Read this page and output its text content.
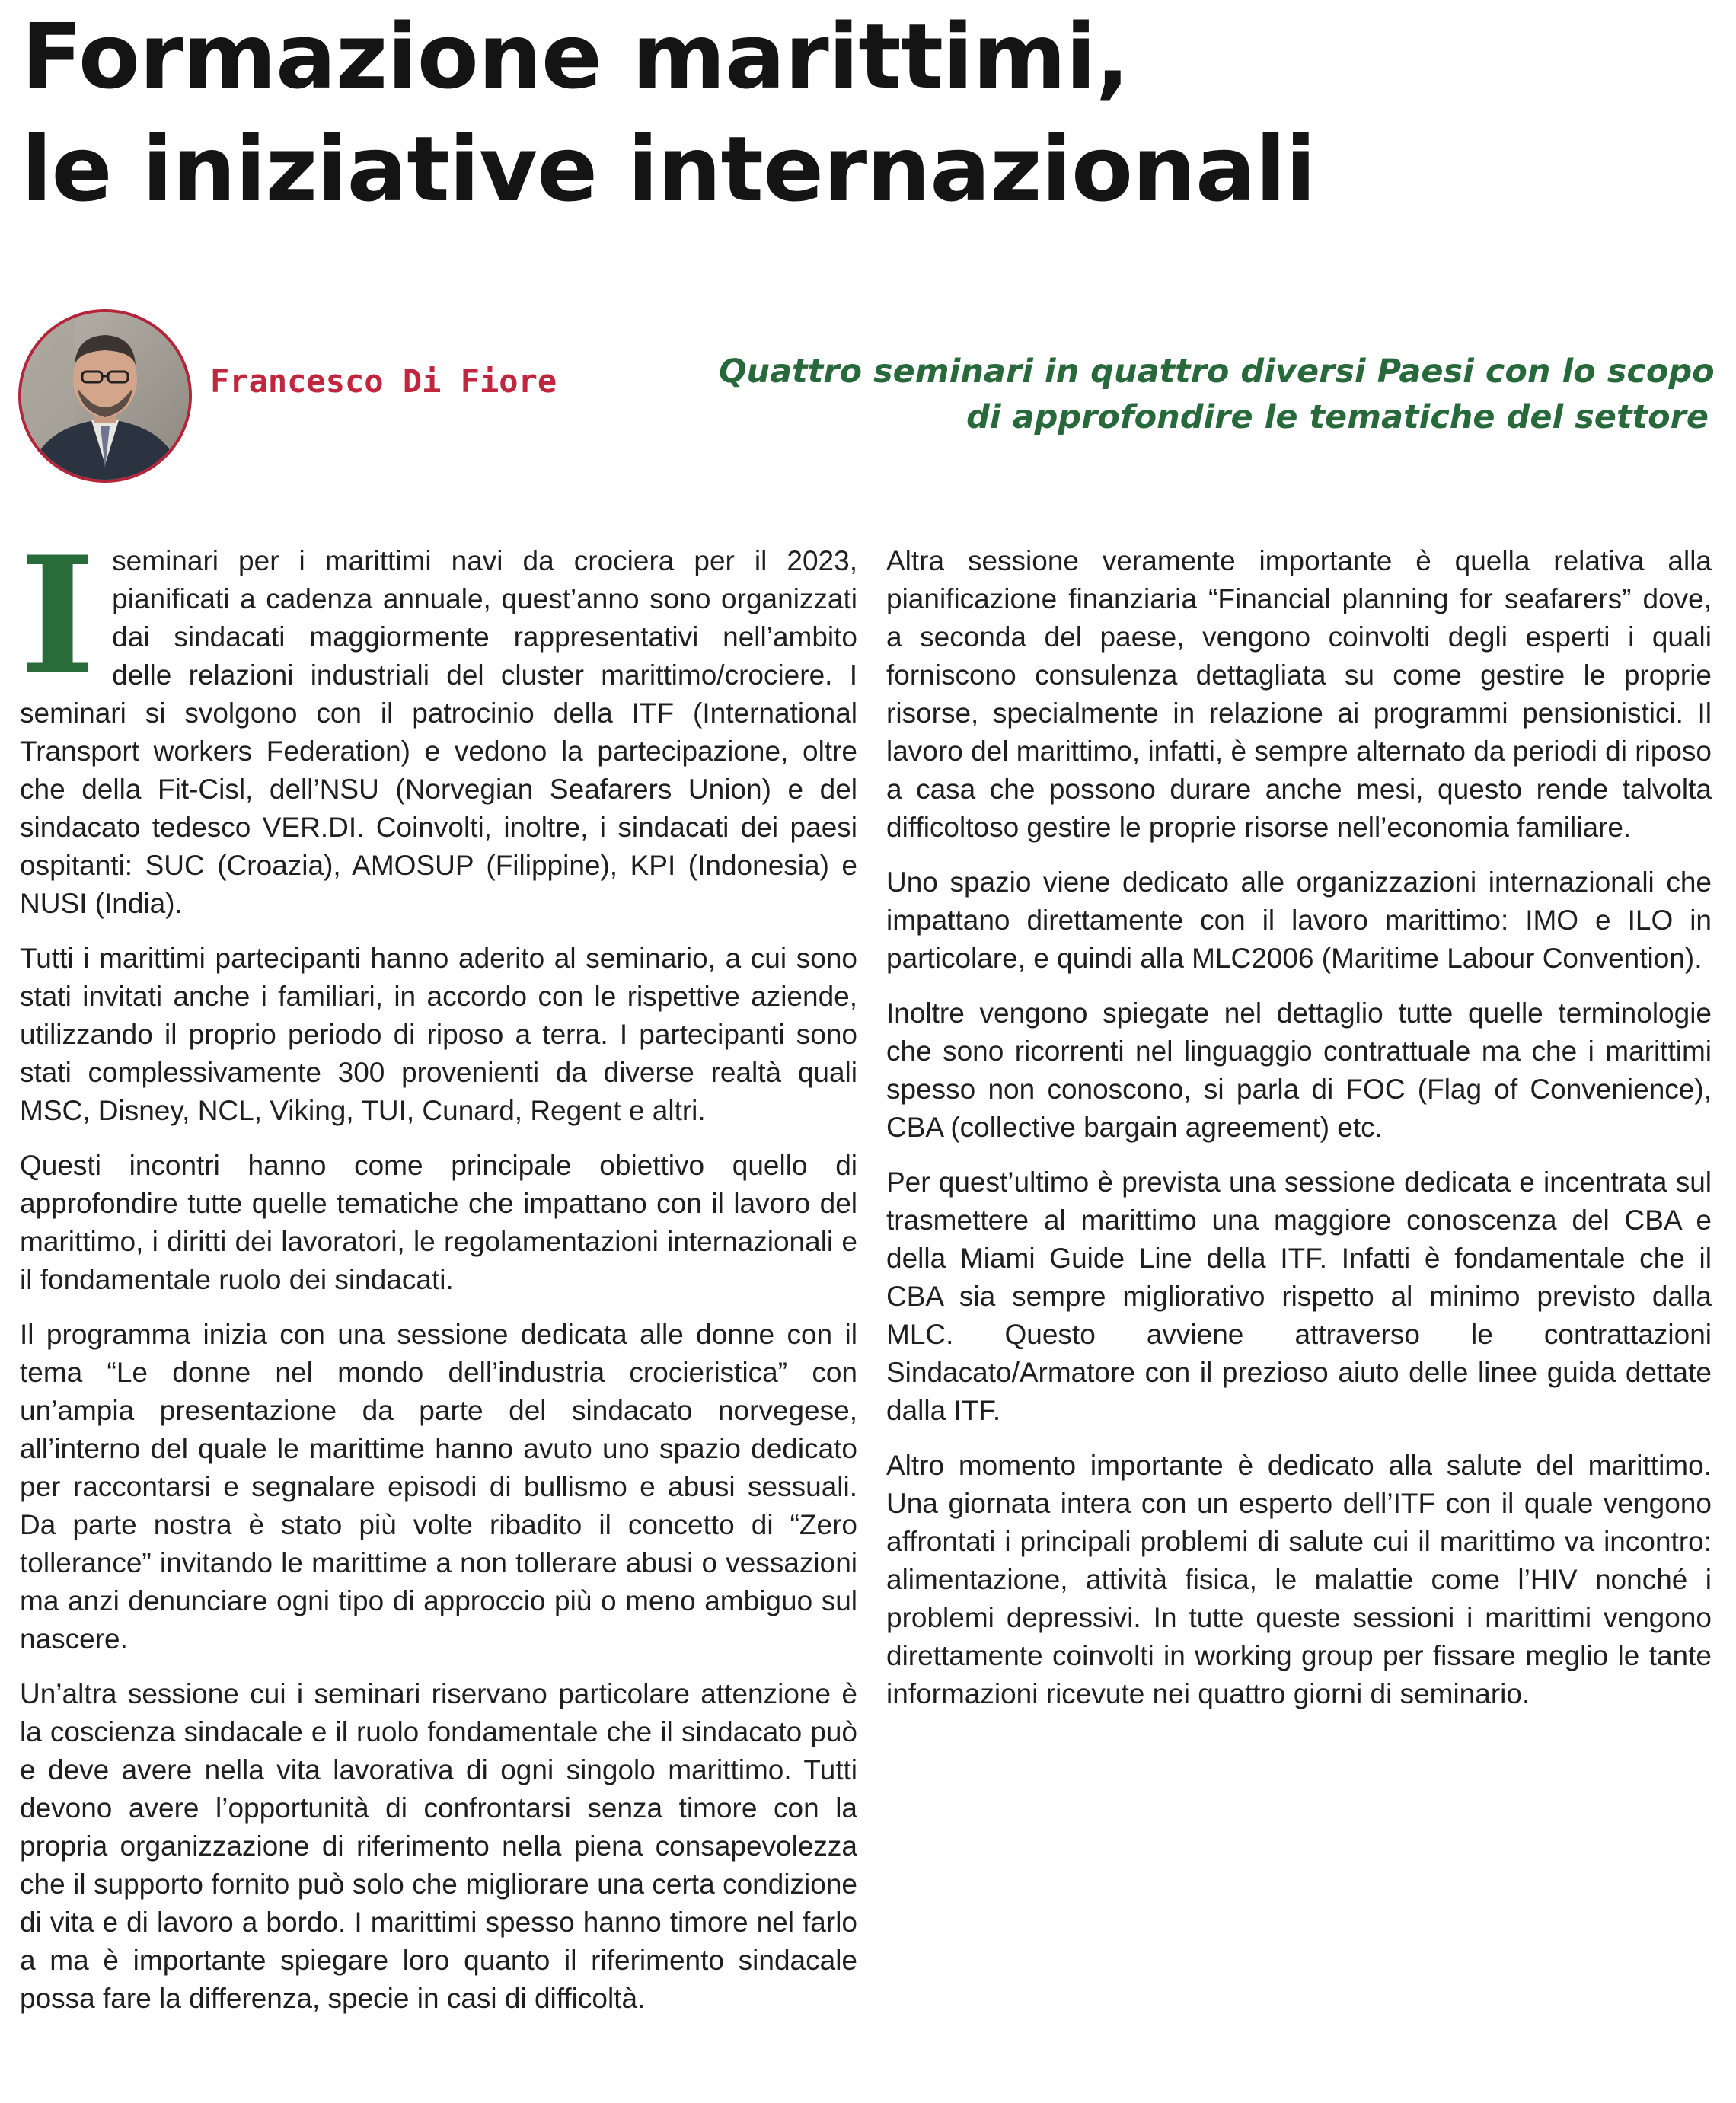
Formazione marittimi,
le iniziative internazionali
Francesco Di Fiore	Quattro seminari in quattro diversi Paesi con lo scopo
di approfondire le tematiche del settore

Iseminari per i marittimi navi da crociera per il 2023, pianificati a cadenza annuale, quest’anno sono organizzati dai sindacati maggiormente rappresentativi nell’ambito delle relazioni industriali del cluster marittimo/crociere. I seminari si svolgono con il patrocinio della ITF (International Transport workers Federation) e vedono la partecipazione, oltre che della Fit-Cisl, dell’NSU (Norvegian Seafarers Union) e del sindacato tedesco VER.DI. Coinvolti, inoltre, i sindacati dei paesi ospitanti: SUC (Croazia), AMOSUP (Filippine), KPI (Indonesia) e NUSI (India).

Tutti i marittimi partecipanti hanno aderito al seminario, a cui sono stati invitati anche i familiari, in accordo con le rispettive aziende, utilizzando il proprio periodo di riposo a terra. I partecipanti sono stati complessivamente 300 provenienti da diverse realtà quali MSC, Disney, NCL, Viking, TUI, Cunard, Regent e altri.

Questi incontri hanno come principale obiettivo quello di approfondire tutte quelle tematiche che impattano con il lavoro del marittimo, i diritti dei lavoratori, le regolamentazioni internazionali e il fondamentale ruolo dei sindacati.

Il programma inizia con una sessione dedicata alle donne con il tema “Le donne nel mondo dell’industria crocieristica” con un’ampia presentazione da parte del sindacato norvegese, all’interno del quale le marittime hanno avuto uno spazio dedicato per raccontarsi e segnalare episodi di bullismo e abusi sessuali. Da parte nostra è stato più volte ribadito il concetto di “Zero tollerance” invitando le marittime a non tollerare abusi o vessazioni ma anzi denunciare ogni tipo di approccio più o meno ambiguo sul nascere.

Un’altra sessione cui i seminari riservano particolare attenzione è la coscienza sindacale e il ruolo fondamentale che il sindacato può e deve avere nella vita lavorativa di ogni singolo marittimo. Tutti devono avere l’opportunità di confrontarsi senza timore con la propria organizzazione di riferimento nella piena consapevolezza che il supporto fornito può solo che migliorare una certa condizione di vita e di lavoro a bordo. I marittimi spesso hanno timore nel farlo a ma è importante spiegare loro quanto il riferimento sindacale possa fare la differenza, specie in casi di difficoltà.

Altra sessione veramente importante è quella relativa alla pianificazione finanziaria “Financial planning for seafarers” dove, a seconda del paese, vengono coinvolti degli esperti i quali forniscono consulenza dettagliata su come gestire le proprie risorse, specialmente in relazione ai programmi pensionistici. Il lavoro del marittimo, infatti, è sempre alternato da periodi di riposo a casa che possono durare anche mesi, questo rende talvolta difficoltoso gestire le proprie risorse nell’economia familiare.

Uno spazio viene dedicato alle organizzazioni internazionali che impattano direttamente con il lavoro marittimo: IMO e ILO in particolare, e quindi alla MLC2006 (Maritime Labour Convention).

Inoltre vengono spiegate nel dettaglio tutte quelle terminologie che sono ricorrenti nel linguaggio contrattuale ma che i marittimi spesso non conoscono, si parla di FOC (Flag of Convenience), CBA (collective bargain agreement) etc.

Per quest’ultimo è prevista una sessione dedicata e incentrata sul trasmettere al marittimo una maggiore conoscenza del CBA e della Miami Guide Line della ITF. Infatti è fondamentale che il CBA sia sempre migliorativo rispetto al minimo previsto dalla MLC. Questo avviene attraverso le contrattazioni Sindacato/Armatore con il prezioso aiuto delle linee guida dettate dalla ITF.

Altro momento importante è dedicato alla salute del marittimo. Una giornata intera con un esperto dell’ITF con il quale vengono affrontati i principali problemi di salute cui il marittimo va incontro: alimentazione, attività fisica, le malattie come l’HIV nonché i problemi depressivi. In tutte queste sessioni i marittimi vengono direttamente coinvolti in working group per fissare meglio le tante informazioni ricevute nei quattro giorni di seminario.
